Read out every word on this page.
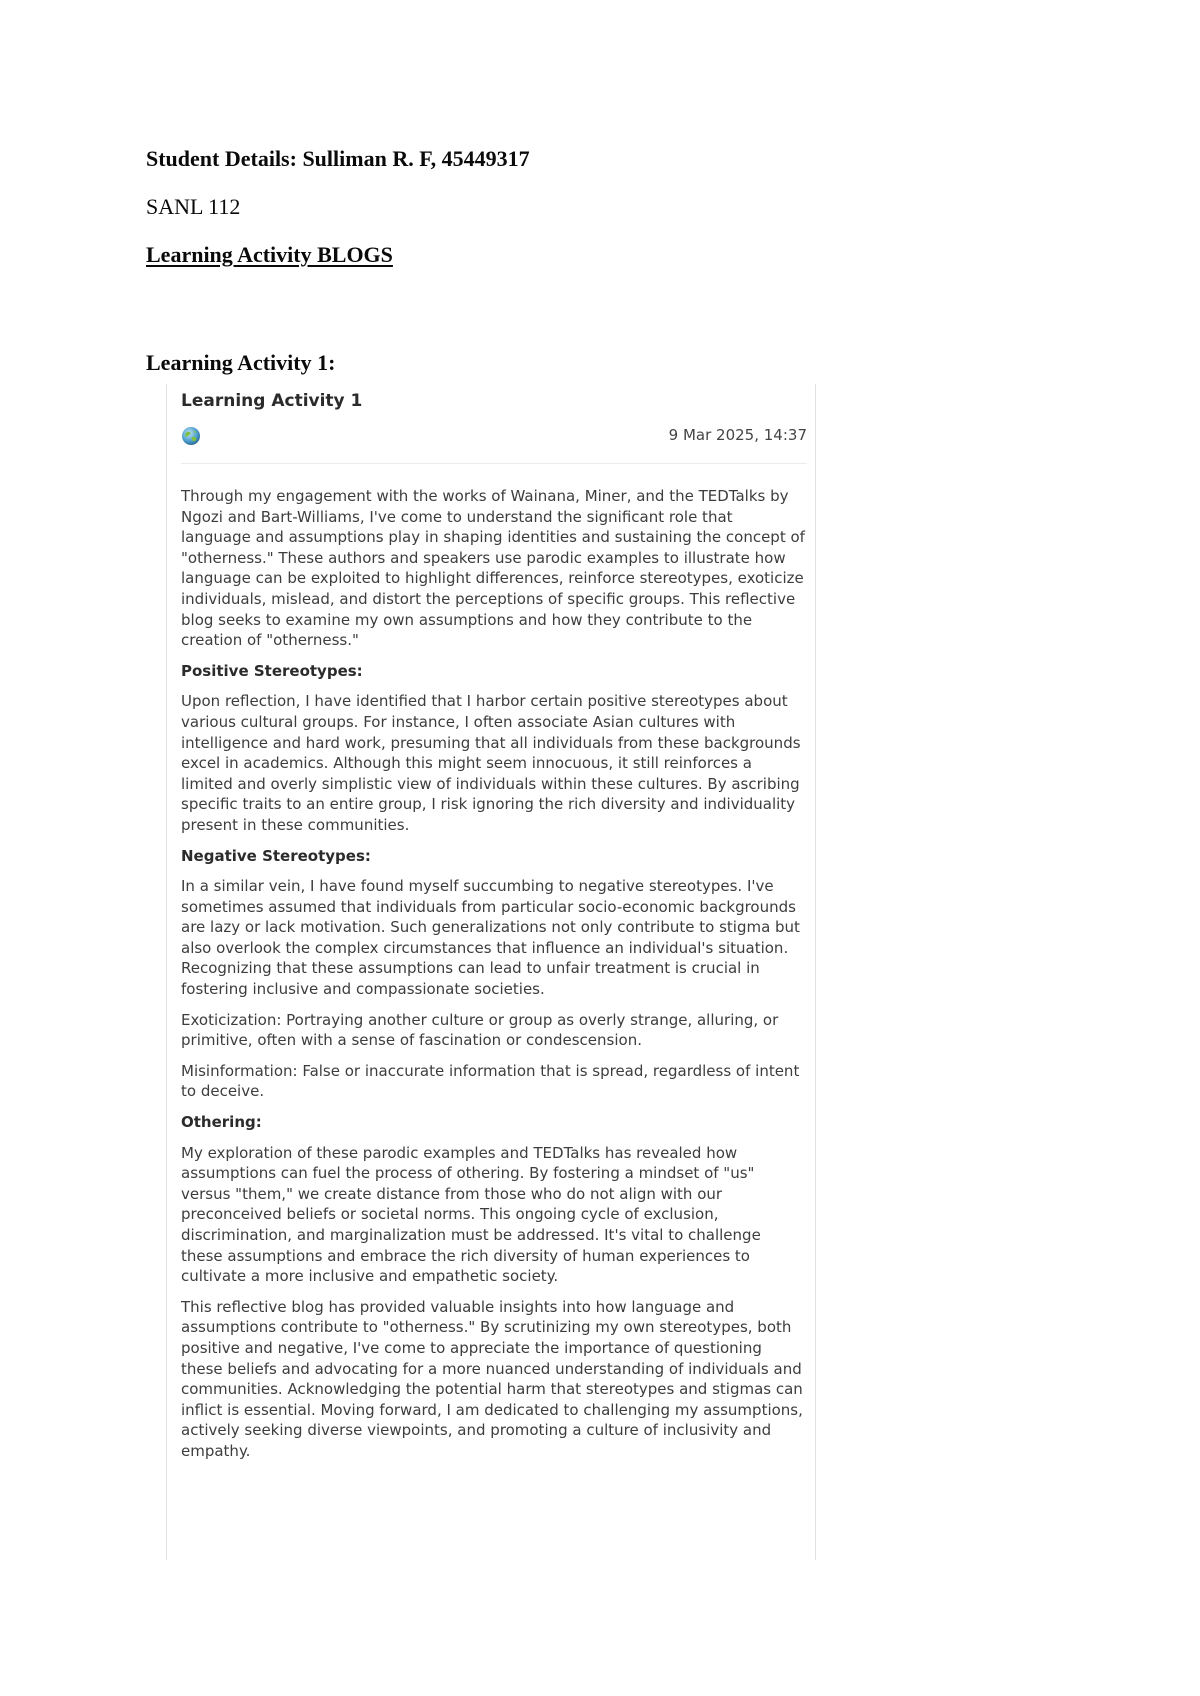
Student Details: Sulliman R. F, 45449317

SANL 112

Learning Activity BLOGS

Learning Activity 1:

Learning Activity 1
9 Mar 2025, 14:37

Through my engagement with the works of Wainana, Miner, and the TEDTalks by Ngozi and Bart-Williams, I've come to understand the significant role that language and assumptions play in shaping identities and sustaining the concept of "otherness." These authors and speakers use parodic examples to illustrate how language can be exploited to highlight differences, reinforce stereotypes, exoticize individuals, mislead, and distort the perceptions of specific groups. This reflective blog seeks to examine my own assumptions and how they contribute to the creation of "otherness."

Positive Stereotypes:

Upon reflection, I have identified that I harbor certain positive stereotypes about various cultural groups. For instance, I often associate Asian cultures with intelligence and hard work, presuming that all individuals from these backgrounds excel in academics. Although this might seem innocuous, it still reinforces a limited and overly simplistic view of individuals within these cultures. By ascribing specific traits to an entire group, I risk ignoring the rich diversity and individuality present in these communities.

Negative Stereotypes:

In a similar vein, I have found myself succumbing to negative stereotypes. I've sometimes assumed that individuals from particular socio-economic backgrounds are lazy or lack motivation. Such generalizations not only contribute to stigma but also overlook the complex circumstances that influence an individual's situation. Recognizing that these assumptions can lead to unfair treatment is crucial in fostering inclusive and compassionate societies.

Exoticization: Portraying another culture or group as overly strange, alluring, or primitive, often with a sense of fascination or condescension.

Misinformation: False or inaccurate information that is spread, regardless of intent to deceive.

Othering:

My exploration of these parodic examples and TEDTalks has revealed how assumptions can fuel the process of othering. By fostering a mindset of "us" versus "them," we create distance from those who do not align with our preconceived beliefs or societal norms. This ongoing cycle of exclusion, discrimination, and marginalization must be addressed. It's vital to challenge these assumptions and embrace the rich diversity of human experiences to cultivate a more inclusive and empathetic society.

This reflective blog has provided valuable insights into how language and assumptions contribute to "otherness." By scrutinizing my own stereotypes, both positive and negative, I've come to appreciate the importance of questioning these beliefs and advocating for a more nuanced understanding of individuals and communities. Acknowledging the potential harm that stereotypes and stigmas can inflict is essential. Moving forward, I am dedicated to challenging my assumptions, actively seeking diverse viewpoints, and promoting a culture of inclusivity and empathy.
